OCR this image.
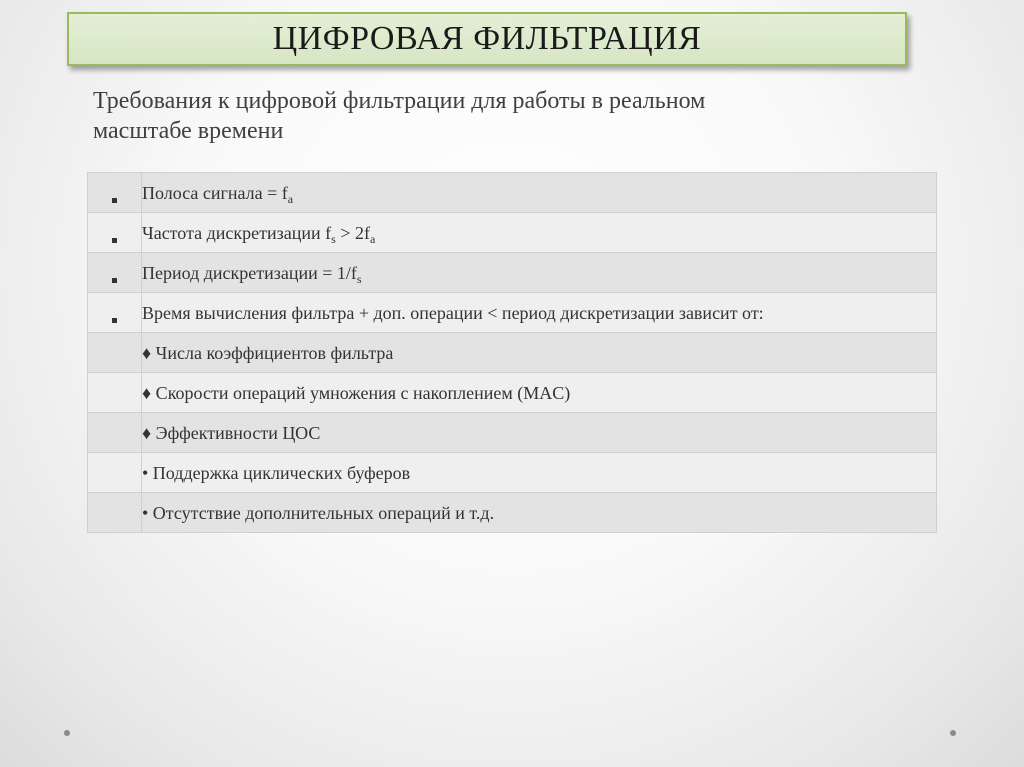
ЦИФРОВАЯ ФИЛЬТРАЦИЯ
Требования к цифровой фильтрации для работы в реальном
масштабе времени
	Полоса сигнала = $f_a$
	Частота дискретизации $f_s > 2f_a$
	Период дискретизации = $1/f_s$
	Время вычисления фильтра + доп. операции < период дискретизации зависит от:
	♦ Числа коэффициентов фильтра
	♦ Скорости операций умножения с накоплением (MAC)
	♦ Эффективности ЦОС
	• Поддержка циклических буферов
	• Отсутствие дополнительных операций и т.д.
